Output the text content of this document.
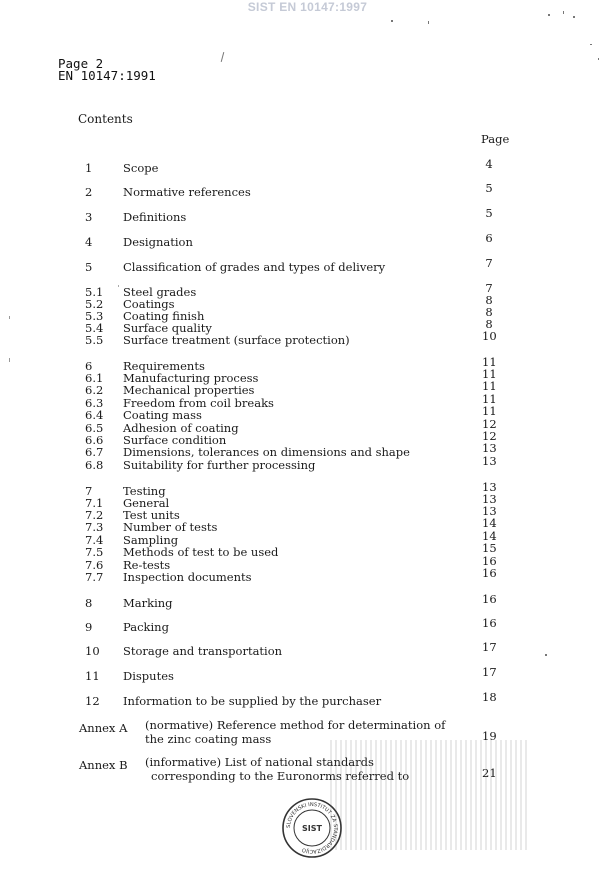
SIST EN 10147:1997
Page 2
EN 10147:1991
Contents
Page
1	Scope	4
2	Normative references	5
3	Definitions	5
4	Designation	6
5	Classification of grades and types of delivery	7
5.1 Steel grades	7
5.2 Coatings	8
5.3 Coating finish	8
5.4 Surface quality	8
5.5 Surface treatment (surface protection)	10
6	Requirements	11
6.1 Manufacturing process	11
6.2 Mechanical properties	11
6.3 Freedom from coil breaks	11
6.4 Coating mass	11
6.5 Adhesion of coating	12
6.6 Surface condition	12
6.7 Dimensions, tolerances on dimensions and shape	13
6.8 Suitability for further processing	13
7	Testing	13
7.1 General	13
7.2 Test units	13
7.3 Number of tests	14
7.4 Sampling	14
7.5 Methods of test to be used	15
7.6 Re-tests	16
7.7 Inspection documents	16
8	Marking	16
9	Packing	16
10 Storage and transportation	17
11 Disputes	17
12 Information to be supplied by the purchaser	18
Annex A (normative) Reference method for determination of
the zinc coating mass	19
Annex B (informative) List of national standards
corresponding to the Euronorms referred to	21
SLOVENSKI INSTITUT ZA STANDARDIZACIJO
SIST
